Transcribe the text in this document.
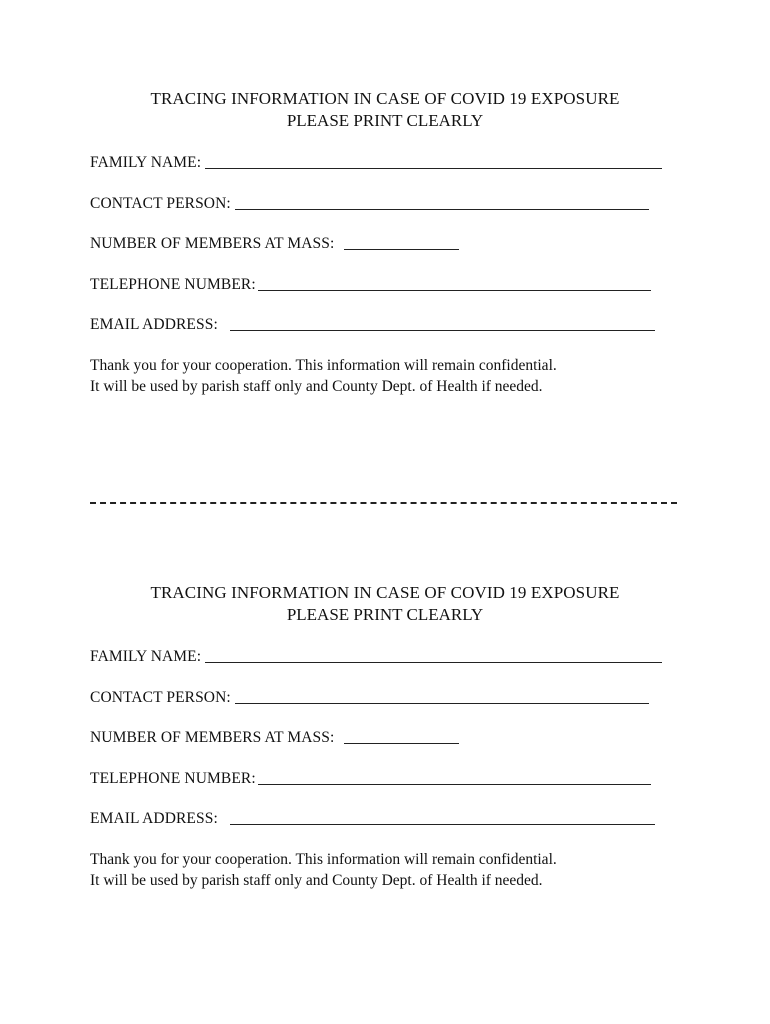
TRACING INFORMATION IN CASE OF COVID 19 EXPOSURE
PLEASE PRINT CLEARLY
FAMILY NAME:
CONTACT PERSON:
NUMBER OF MEMBERS AT MASS:
TELEPHONE NUMBER:
EMAIL ADDRESS:

Thank you for your cooperation. This information will remain confidential.

It will be used by parish staff only and County Dept. of Health if needed.

TRACING INFORMATION IN CASE OF COVID 19 EXPOSURE
PLEASE PRINT CLEARLY
FAMILY NAME:
CONTACT PERSON:
NUMBER OF MEMBERS AT MASS:
TELEPHONE NUMBER:
EMAIL ADDRESS:

Thank you for your cooperation. This information will remain confidential.

It will be used by parish staff only and County Dept. of Health if needed.
